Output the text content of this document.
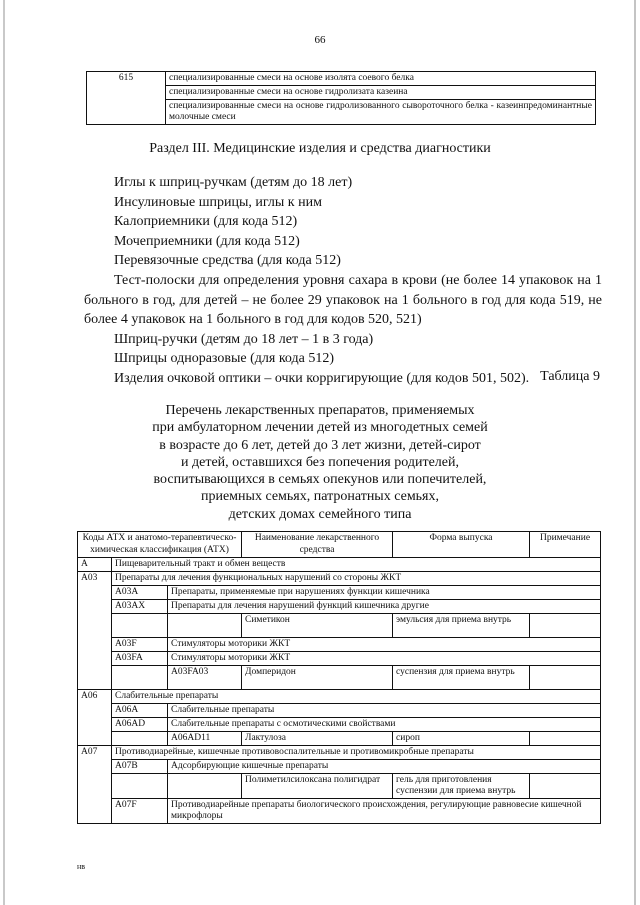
66
615	специализированные смеси на основе изолята соевого белка
специализированные смеси на основе гидролизата казеина
специализированные смеси на основе гидролизованного сывороточного белка - казеинпредоминантные молочные смеси
Раздел III. Медицинские изделия и средства диагностики
Иглы к шприц-ручкам (детям до 18 лет)
Инсулиновые шприцы, иглы к ним
Калоприемники (для кода 512)
Мочеприемники (для кода 512)
Перевязочные средства (для кода 512)
Тест-полоски для определения уровня сахара в крови (не более 14 упаковок на 1 больного в год, для детей – не более 29 упаковок на 1 больного в год для кода 519, не более 4 упаковок на 1 больного в год для кодов 520, 521)
Шприц-ручки (детям до 18 лет – 1 в 3 года)
Шприцы одноразовые (для кода 512)
Изделия очковой оптики – очки корригирующие (для кодов 501, 502). Таблица 9
Перечень лекарственных препаратов, применяемых
при амбулаторном лечении детей из многодетных семей
в возрасте до 6 лет, детей до 3 лет жизни, детей-сирот
и детей, оставшихся без попечения родителей,
воспитывающихся в семьях опекунов или попечителей,
приемных семьях, патронатных семьях,
детских домах семейного типа
Коды АТХ и анатомо-терапевтическо-химическая классификация (АТХ)			Наименование лекарственного средства	Форма выпуска	Примечание
A	Пищеварительный тракт и обмен веществ				
A03	Препараты для лечения функциональных нарушений со стороны ЖКТ				
	A03A	Препараты, применяемые при нарушениях функции кишечника			
	A03AX	Препараты для лечения нарушений функций кишечника другие			
			Симетикон	эмульсия для приема внутрь	
	A03F	Стимуляторы моторики ЖКТ			
	A03FA	Стимуляторы моторики ЖКТ			
		A03FA03	Домперидон	суспензия для приема внутрь	
A06	Слабительные препараты				
	A06A	Слабительные препараты			
	A06AD	Слабительные препараты с осмотическими свойствами			
		A06AD11	Лактулоза	сироп	
A07	Противодиарейные, кишечные противовоспалительные и противомикробные препараты				
	A07B	Адсорбирующие кишечные препараты			
			Полиметилсилоксана полигидрат	гель для приготовления суспензии для приема внутрь	
	A07F	Противодиарейные препараты биологического происхождения, регулирующие равновесие кишечной микрофлоры			
нв
